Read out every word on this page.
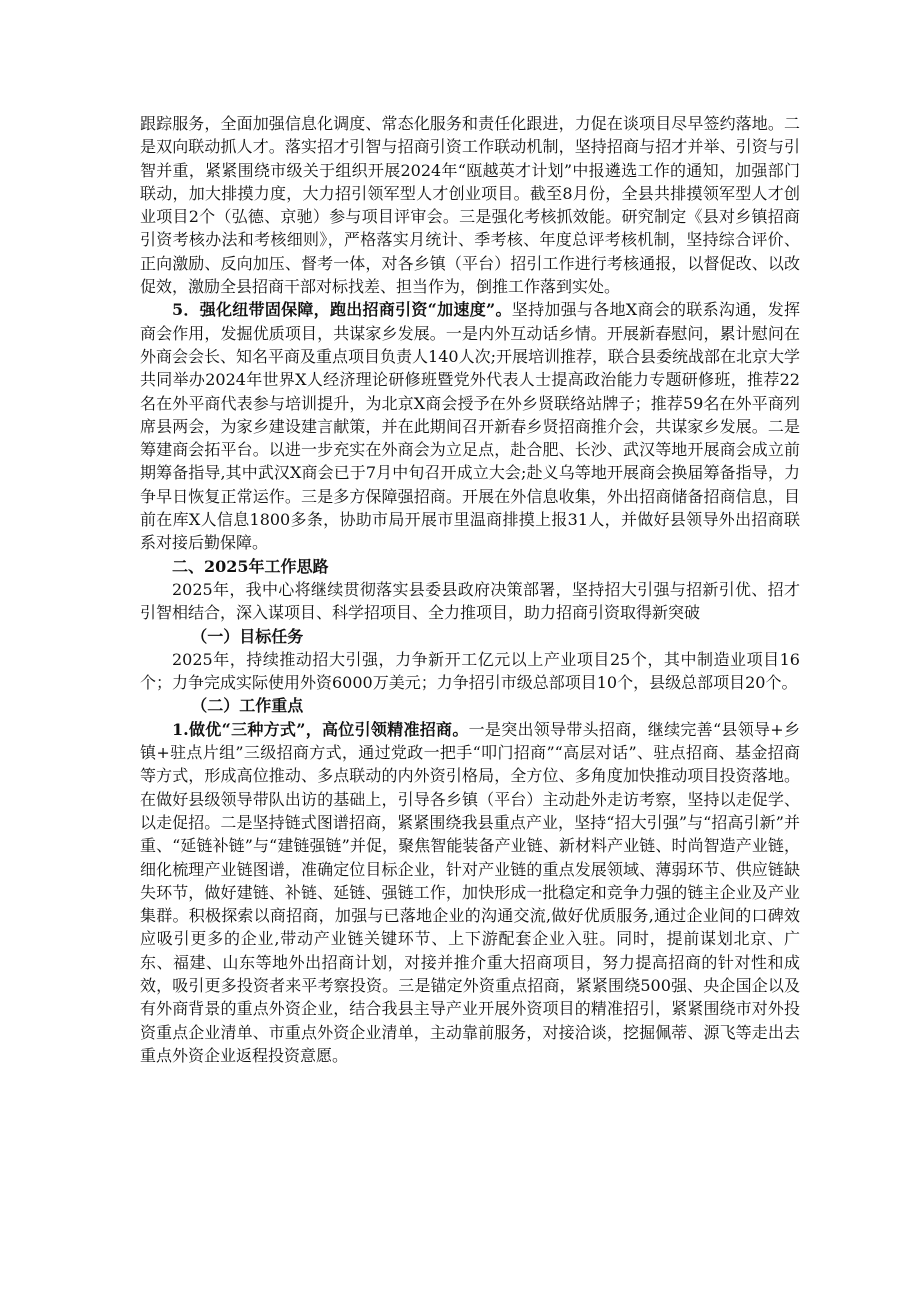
跟踪服务，全面加强信息化调度、常态化服务和责任化跟进，力促在谈项目尽早签约落地。二是双向联动抓人才。落实招才引智与招商引资工作联动机制，坚持招商与招才并举、引资与引智并重，紧紧围绕市级关于组织开展2024年“瓯越英才计划”中报遴选工作的通知，加强部门联动，加大排摸力度，大力招引领军型人才创业项目。截至8月份，全县共排摸领军型人才创业项目2个（弘德、京驰）参与项目评审会。三是强化考核抓效能。研究制定《县对乡镇招商引资考核办法和考核细则》，严格落实月统计、季考核、年度总评考核机制，坚持综合评价、正向激励、反向加压、督考一体，对各乡镇（平台）招引工作进行考核通报，以督促改、以改促效，激励全县招商干部对标找差、担当作为，倒推工作落到实处。

5．强化纽带固保障，跑出招商引资“加速度”。坚持加强与各地X商会的联系沟通，发挥商会作用，发掘优质项目，共谋家乡发展。一是内外互动话乡情。开展新春慰问，累计慰问在外商会会长、知名平商及重点项目负责人140人次;开展培训推荐，联合县委统战部在北京大学共同举办2024年世界X人经济理论研修班暨党外代表人士提高政治能力专题研修班，推荐22名在外平商代表参与培训提升，为北京X商会授予在外乡贤联络站牌子；推荐59名在外平商列席县两会，为家乡建设建言献策，并在此期间召开新春乡贤招商推介会，共谋家乡发展。二是筹建商会拓平台。以进一步充实在外商会为立足点，赴合肥、长沙、武汉等地开展商会成立前期筹备指导,其中武汉X商会已于7月中旬召开成立大会;赴义乌等地开展商会换届筹备指导，力争早日恢复正常运作。三是多方保障强招商。开展在外信息收集，外出招商储备招商信息，目前在库X人信息1800多条，协助市局开展市里温商排摸上报31人，并做好县领导外出招商联系对接后勤保障。

二、2025年工作思路

2025年，我中心将继续贯彻落实县委县政府决策部署，坚持招大引强与招新引优、招才引智相结合，深入谋项目、科学招项目、全力推项目，助力招商引资取得新突破

（一）目标任务

2025年，持续推动招大引强，力争新开工亿元以上产业项目25个，其中制造业项目16个；力争完成实际使用外资6000万美元；力争招引市级总部项目10个，县级总部项目20个。

（二）工作重点

1.做优“三种方式”，高位引领精准招商。一是突出领导带头招商，继续完善“县领导+乡镇+驻点片组”三级招商方式，通过党政一把手“叩门招商”“高层对话”、驻点招商、基金招商等方式，形成高位推动、多点联动的内外资引格局，全方位、多角度加快推动项目投资落地。在做好县级领导带队出访的基础上，引导各乡镇（平台）主动赴外走访考察，坚持以走促学、以走促招。二是坚持链式图谱招商，紧紧围绕我县重点产业，坚持“招大引强”与“招高引新”并重、“延链补链”与“建链强链”并促，聚焦智能装备产业链、新材料产业链、时尚智造产业链，细化梳理产业链图谱，准确定位目标企业，针对产业链的重点发展领域、薄弱环节、供应链缺失环节，做好建链、补链、延链、强链工作，加快形成一批稳定和竞争力强的链主企业及产业集群。积极探索以商招商，加强与已落地企业的沟通交流,做好优质服务,通过企业间的口碑效应吸引更多的企业,带动产业链关键环节、上下游配套企业入驻。同时，提前谋划北京、广东、福建、山东等地外出招商计划，对接并推介重大招商项目，努力提高招商的针对性和成效，吸引更多投资者来平考察投资。三是锚定外资重点招商，紧紧围绕500强、央企国企以及有外商背景的重点外资企业，结合我县主导产业开展外资项目的精准招引，紧紧围绕市对外投资重点企业清单、市重点外资企业清单，主动靠前服务，对接洽谈，挖掘佩蒂、源飞等走出去重点外资企业返程投资意愿。
